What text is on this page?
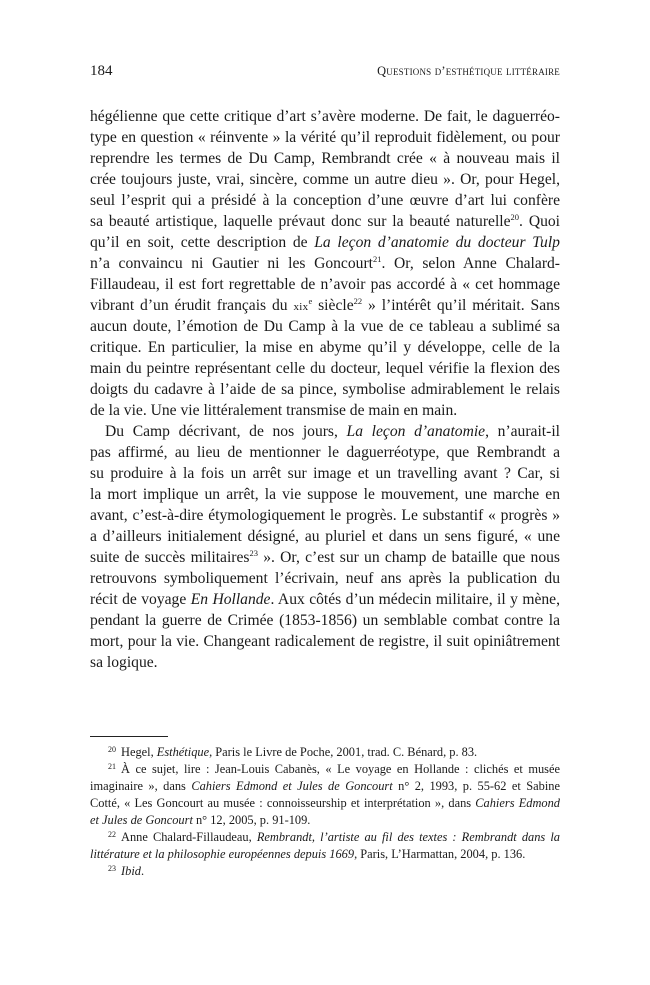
184	Questions d’esthétique littéraire
hégélienne que cette critique d’art s’avère moderne. De fait, le daguerréo-
type en question « réinvente » la vérité qu’il reproduit fidèlement, ou pour
reprendre les termes de Du Camp, Rembrandt crée « à nouveau mais il
crée toujours juste, vrai, sincère, comme un autre dieu ». Or, pour Hegel,
seul l’esprit qui a présidé à la conception d’une œuvre d’art lui confère
sa beauté artistique, laquelle prévaut donc sur la beauté naturelle$^{20}$. Quoi
qu’il en soit, cette description de La leçon d’anatomie du docteur Tulp
n’a convaincu ni Gautier ni les Goncourt$^{21}$. Or, selon Anne Chalard-
Fillaudeau, il est fort regrettable de n’avoir pas accordé à « cet hommage
vibrant d’un érudit français du xix$^e$ siècle$^{22}$ » l’intérêt qu’il méritait. Sans
aucun doute, l’émotion de Du Camp à la vue de ce tableau a sublimé sa
critique. En particulier, la mise en abyme qu’il y développe, celle de la
main du peintre représentant celle du docteur, lequel vérifie la flexion des
doigts du cadavre à l’aide de sa pince, symbolise admirablement le relais
de la vie. Une vie littéralement transmise de main en main.
Du Camp décrivant, de nos jours, La leçon d’anatomie, n’aurait-il
pas affirmé, au lieu de mentionner le daguerréotype, que Rembrandt a
su produire à la fois un arrêt sur image et un travelling avant ? Car, si
la mort implique un arrêt, la vie suppose le mouvement, une marche en
avant, c’est-à-dire étymologiquement le progrès. Le substantif « progrès »
a d’ailleurs initialement désigné, au pluriel et dans un sens figuré, « une
suite de succès militaires$^{23}$ ». Or, c’est sur un champ de bataille que nous
retrouvons symboliquement l’écrivain, neuf ans après la publication du
récit de voyage En Hollande. Aux côtés d’un médecin militaire, il y mène,
pendant la guerre de Crimée (1853-1856) un semblable combat contre la
mort, pour la vie. Changeant radicalement de registre, il suit opiniâtrement
sa logique.
$^{20}$ Hegel, Esthétique, Paris le Livre de Poche, 2001, trad. C. Bénard, p. 83.
$^{21}$ À ce sujet, lire : Jean-Louis Cabanès, « Le voyage en Hollande : clichés et musée
imaginaire », dans Cahiers Edmond et Jules de Goncourt n° 2, 1993, p. 55-62 et Sabine
Cotté, « Les Goncourt au musée : connoisseurship et interprétation », dans Cahiers Edmond
et Jules de Goncourt n° 12, 2005, p. 91-109.
$^{22}$ Anne Chalard-Fillaudeau, Rembrandt, l’artiste au fil des textes : Rembrandt dans la
littérature et la philosophie européennes depuis 1669, Paris, L’Harmattan, 2004, p. 136.
$^{23}$ Ibid.
